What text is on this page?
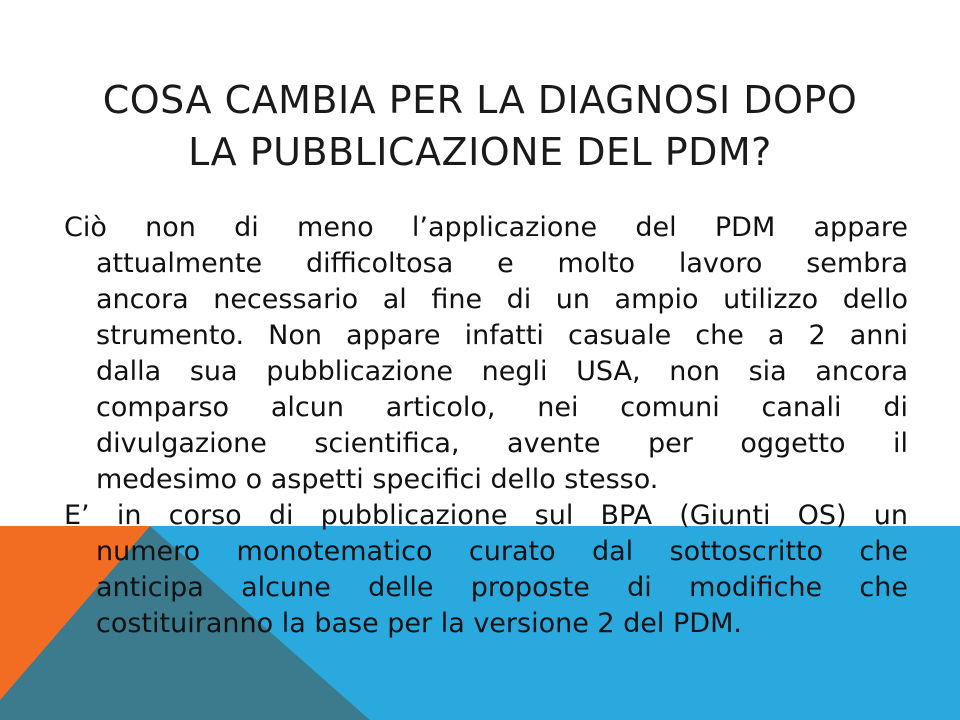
COSA CAMBIA PER LA DIAGNOSI DOPO
LA PUBBLICAZIONE DEL PDM?

Ciò non di meno l’applicazione del PDM appare
attualmente difficoltosa e molto lavoro sembra
ancora necessario al fine di un ampio utilizzo dello
strumento. Non appare infatti casuale che a 2 anni
dalla sua pubblicazione negli USA, non sia ancora
comparso alcun articolo, nei comuni canali di
divulgazione scientifica, avente per oggetto il
medesimo o aspetti specifici dello stesso.

E’ in corso di pubblicazione sul BPA (Giunti OS) un
numero monotematico curato dal sottoscritto che
anticipa alcune delle proposte di modifiche che
costituiranno la base per la versione 2 del PDM.
